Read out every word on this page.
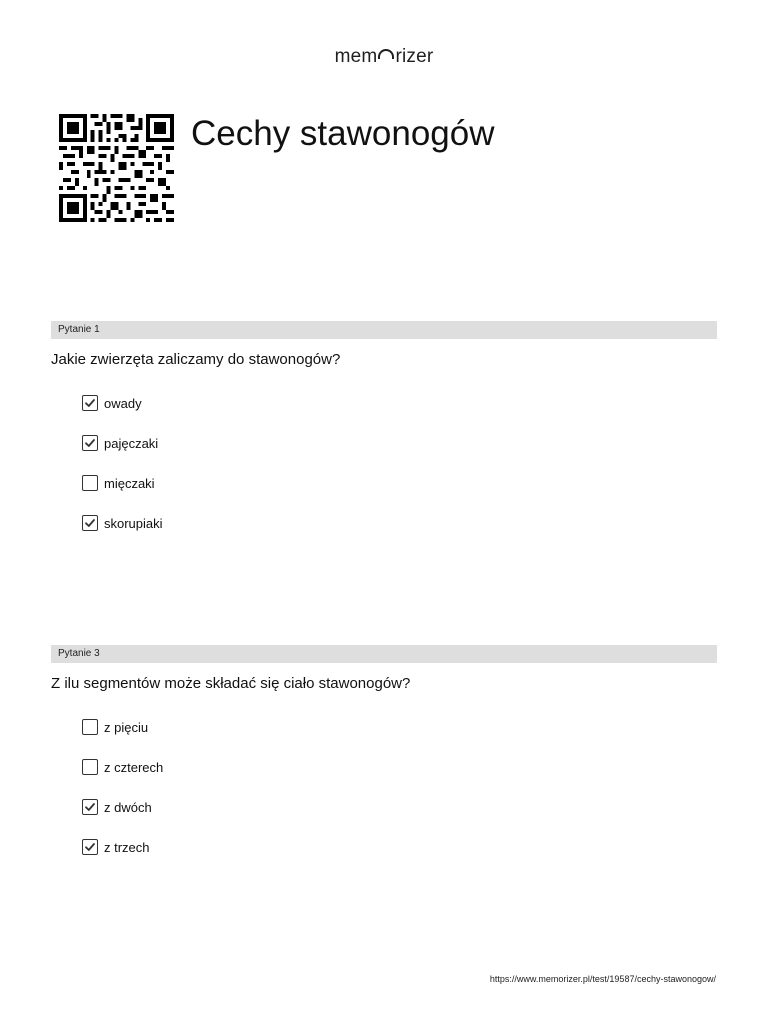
mem rizer
Cechy stawonogów
Pytanie 1
Jakie zwierzęta zaliczamy do stawonogów?
owady
pajęczaki
mięczaki
skorupiaki
Pytanie 3
Z ilu segmentów może składać się ciało stawonogów?
z pięciu
z czterech
z dwóch
z trzech
https://www.memorizer.pl/test/19587/cechy-stawonogow/
